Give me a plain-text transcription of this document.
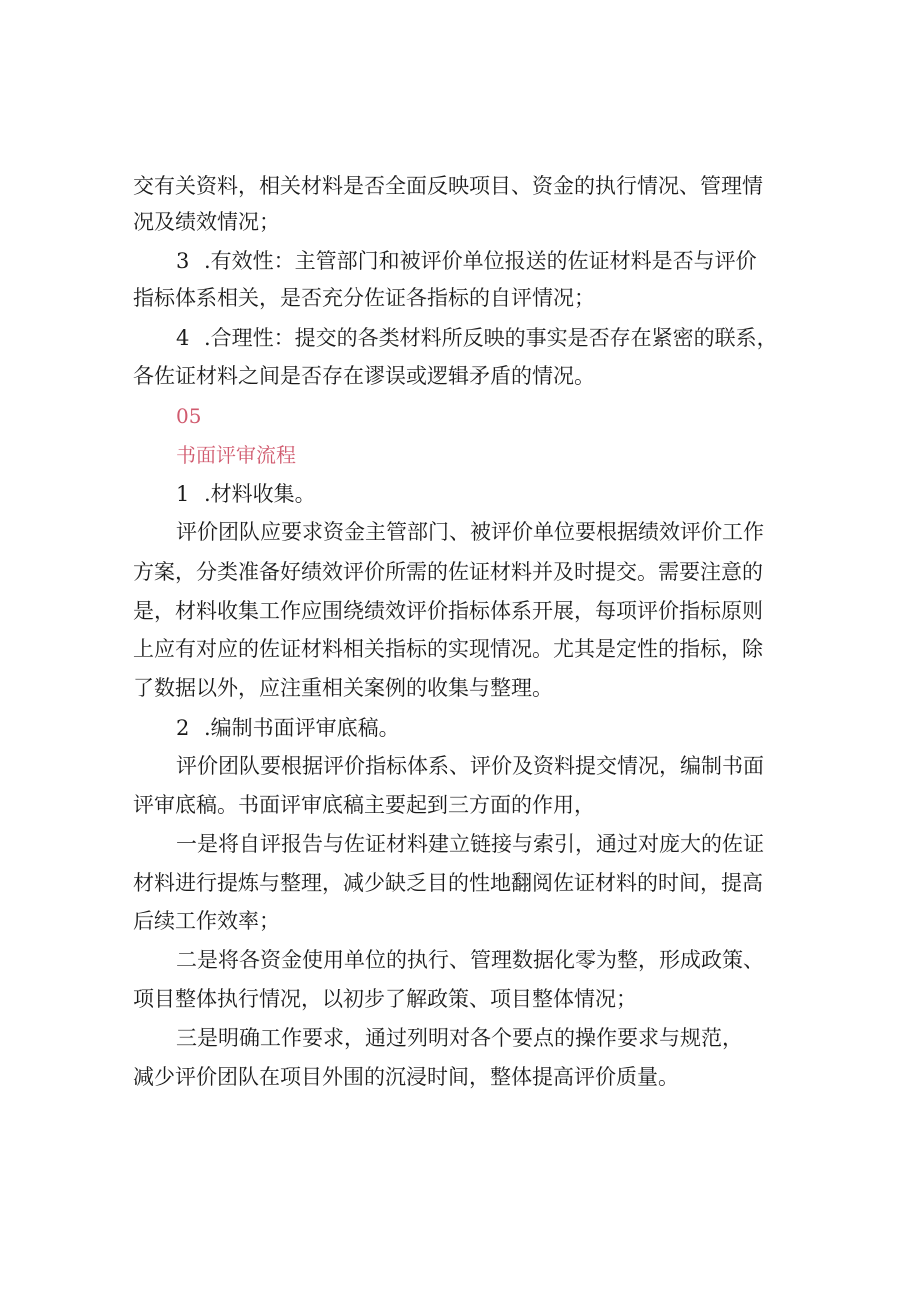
交有关资料，相关材料是否全面反映项目、资金的执行情况、管理情
况及绩效情况；
3 .有效性：主管部门和被评价单位报送的佐证材料是否与评价
指标体系相关，是否充分佐证各指标的自评情况；
4 .合理性：提交的各类材料所反映的事实是否存在紧密的联系，
各佐证材料之间是否存在谬误或逻辑矛盾的情况。
05
书面评审流程
1 .材料收集。
评价团队应要求资金主管部门、被评价单位要根据绩效评价工作
方案，分类准备好绩效评价所需的佐证材料并及时提交。需要注意的
是，材料收集工作应围绕绩效评价指标体系开展，每项评价指标原则
上应有对应的佐证材料相关指标的实现情况。尤其是定性的指标，除
了数据以外，应注重相关案例的收集与整理。
2 .编制书面评审底稿。
评价团队要根据评价指标体系、评价及资料提交情况，编制书面
评审底稿。书面评审底稿主要起到三方面的作用，
一是将自评报告与佐证材料建立链接与索引，通过对庞大的佐证
材料进行提炼与整理，减少缺乏目的性地翻阅佐证材料的时间，提高
后续工作效率；
二是将各资金使用单位的执行、管理数据化零为整，形成政策、
项目整体执行情况，以初步了解政策、项目整体情况；
三是明确工作要求，通过列明对各个要点的操作要求与规范，
减少评价团队在项目外围的沉浸时间，整体提高评价质量。
